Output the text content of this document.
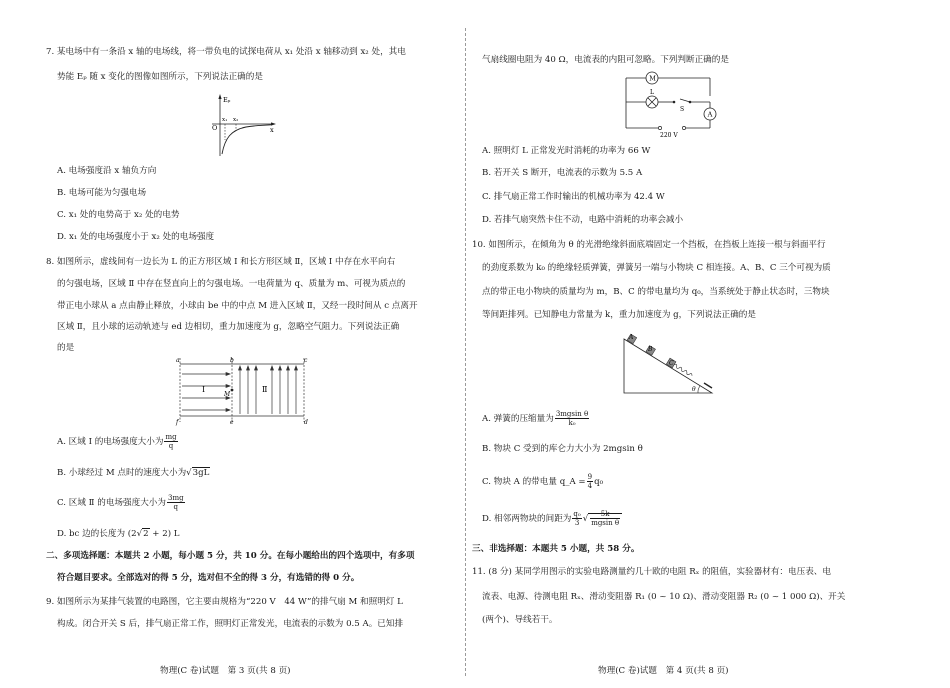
7. 某电场中有一条沿 x 轴的电场线，将一带负电的试探电荷从 x₁ 处沿 x 轴移动到 x₂ 处，其电
势能 Eₚ 随 x 变化的图像如图所示，下列说法正确的是
Eₚ
x
O
x₁ x₂
A. 电场强度沿 x 轴负方向
B. 电场可能为匀强电场
C. x₁ 处的电势高于 x₂ 处的电势
D. x₁ 处的电场强度小于 x₂ 处的电场强度
8. 如图所示，虚线间有一边长为 L 的正方形区域 Ⅰ 和长方形区域 Ⅱ，区域 Ⅰ 中存在水平向右
的匀强电场，区域 Ⅱ 中存在竖直向上的匀强电场。一电荷量为 q、质量为 m、可视为质点的
带正电小球从 a 点由静止释放，小球由 be 中的中点 M 进入区域 Ⅱ，又经一段时间从 c 点离开
区域 Ⅱ，且小球的运动轨迹与 ed 边相切，重力加速度为 g，忽略空气阻力。下列说法正确
的是
a	b	c
d
e
f
M
Ⅰ	Ⅱ
A. 区域 Ⅰ 的电场强度大小为 $\frac{mg}{q}$
B. 小球经过 M 点时的速度大小为√3gL
C. 区域 Ⅱ 的电场强度大小为 $\frac{3mg}{q}$
D. bc 边的长度为 (2√2 + 2) L
二、多项选择题：本题共 2 小题，每小题 5 分，共 10 分。在每小题给出的四个选项中，有多项
符合题目要求。全部选对的得 5 分，选对但不全的得 3 分，有选错的得 0 分。
9. 如图所示为某排气装置的电路图，它主要由规格为“220 V　44 W”的排气扇 M 和照明灯 L
构成。闭合开关 S 后，排气扇正常工作，照明灯正常发光，电流表的示数为 0.5 A。已知排
物理(C 卷)试题　第 3 页(共 8 页)
气扇线圈电阻为 40 Ω，电流表的内阻可忽略。下列判断正确的是
M
L
S
A
220 V
A. 照明灯 L 正常发光时消耗的功率为 66 W
B. 若开关 S 断开，电流表的示数为 5.5 A
C. 排气扇正常工作时输出的机械功率为 42.4 W
D. 若排气扇突然卡住不动，电路中消耗的功率会减小
10. 如图所示，在倾角为 θ 的光滑绝缘斜面底端固定一个挡板，在挡板上连接一根与斜面平行
的劲度系数为 k₀ 的绝缘轻质弹簧，弹簧另一端与小物块 C 相连接。A、B、C 三个可视为质
点的带正电小物块的质量均为 m，B、C 的带电量均为 q₀，当系统处于静止状态时，三物块
等间距排列。已知静电力常量为 k，重力加速度为 g，下列说法正确的是
A
B
C
θ
A. 弹簧的压缩量为 $\frac{\text{3mgsin θ}}{\text{k₀}}$
B. 物块 C 受到的库仑力大小为 2mgsin θ
C. 物块 A 的带电量 q_A = $\frac{9}{4} q_0$
D. 相邻两物块的间距为 $\frac{\text{q₀}}{3}$ √ $\frac{5k}{\text{mgsin θ}}$
三、非选择题：本题共 5 小题，共 58 分。
11. (8 分) 某同学用图示的实验电路测量约几十欧的电阻 Rₓ 的阻值，实验器材有：电压表、电
流表、电源、待测电阻 Rₓ、滑动变阻器 R₁ (0 ~ 10 Ω)、滑动变阻器 R₂ (0 ~ 1 000 Ω)、开关
(两个)、导线若干。
物理(C 卷)试题　第 4 页(共 8 页)
